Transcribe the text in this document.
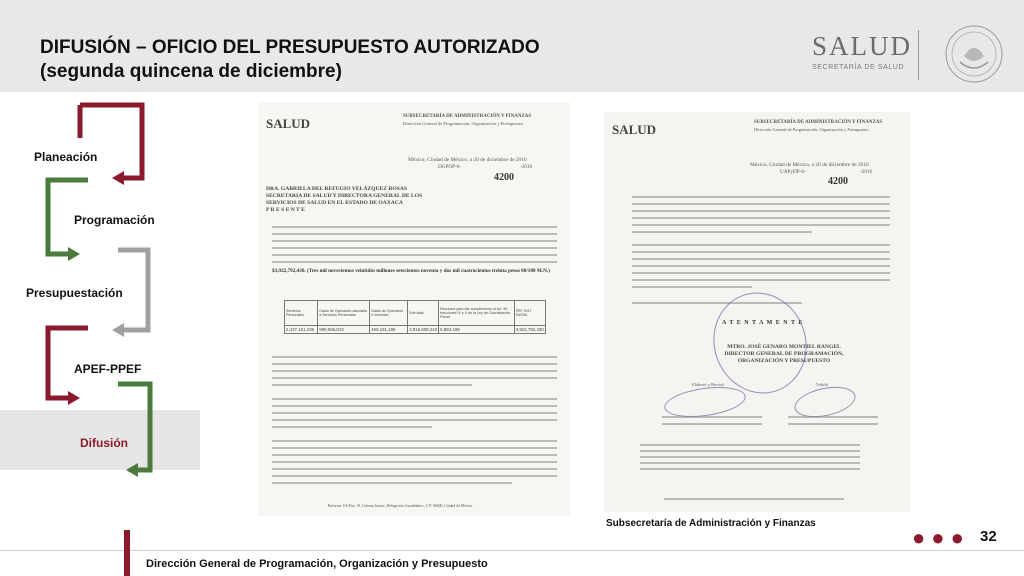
DIFUSIÓN – OFICIO DEL PRESUPUESTO AUTORIZADO
(segunda quincena de diciembre)
SALUD
SECRETARÍA DE SALUD
Planeación
Programación
Presupuestación
APEF-PPEF
Difusión
SALUD	SUBSECRETARÍA DE ADMINISTRACIÓN Y FINANZAS
Dirección General de Programación, Organización y Presupuesto
México, Ciudad de México, a 20 de diciembre de 2016
DGPOP-6-	-2016
4200
DRA. GABRIELA DEL REFUGIO VELÁZQUEZ ROSAS
SECRETARIA DE SALUD Y DIRECTORA GENERAL DE LOS
SERVICIOS DE SALUD EN EL ESTADO DE OAXACA
P R E S E N T E
$3,922,792,430. (Tres mil novecientos veintidós millones setecientos noventa y dos mil cuatrocientos treinta pesos 00/100 M.N.)
Servicios Personales	Gasto de Operación asociado a Servicios Personales	Gasto de Operación e Inversión	Sub-total	Recursos para dar cumplimiento al Art. 49, fracciones IV y V de la Ley de Coordinación Fiscal	PEF 2017 FASSA
2,427,151,236	999,595,813	490,161,195	3,916,908,242	5,884,188	3,922,792,430
Reforma 116 Piso 19, Colonia Juárez, Delegación Cuauhtémoc, C.P. 06600, Ciudad de México
SALUD	SUBSECRETARÍA DE ADMINISTRACIÓN Y FINANZAS
Dirección General de Programación, Organización y Presupuesto
México, Ciudad de México, a 20 de diciembre de 2016
UAPyDP-6-	-2016
4200
A T E N T A M E N T E
MTRO. JOSÉ GENARO MONTIEL RANGEL
DIRECTOR GENERAL DE PROGRAMACIÓN,
ORGANIZACIÓN Y PRESUPUESTO
Elaboró y Revisó	Validó
Subsecretaría de Administración y Finanzas
Dirección General de Programación, Organización y Presupuesto
●●● 32
